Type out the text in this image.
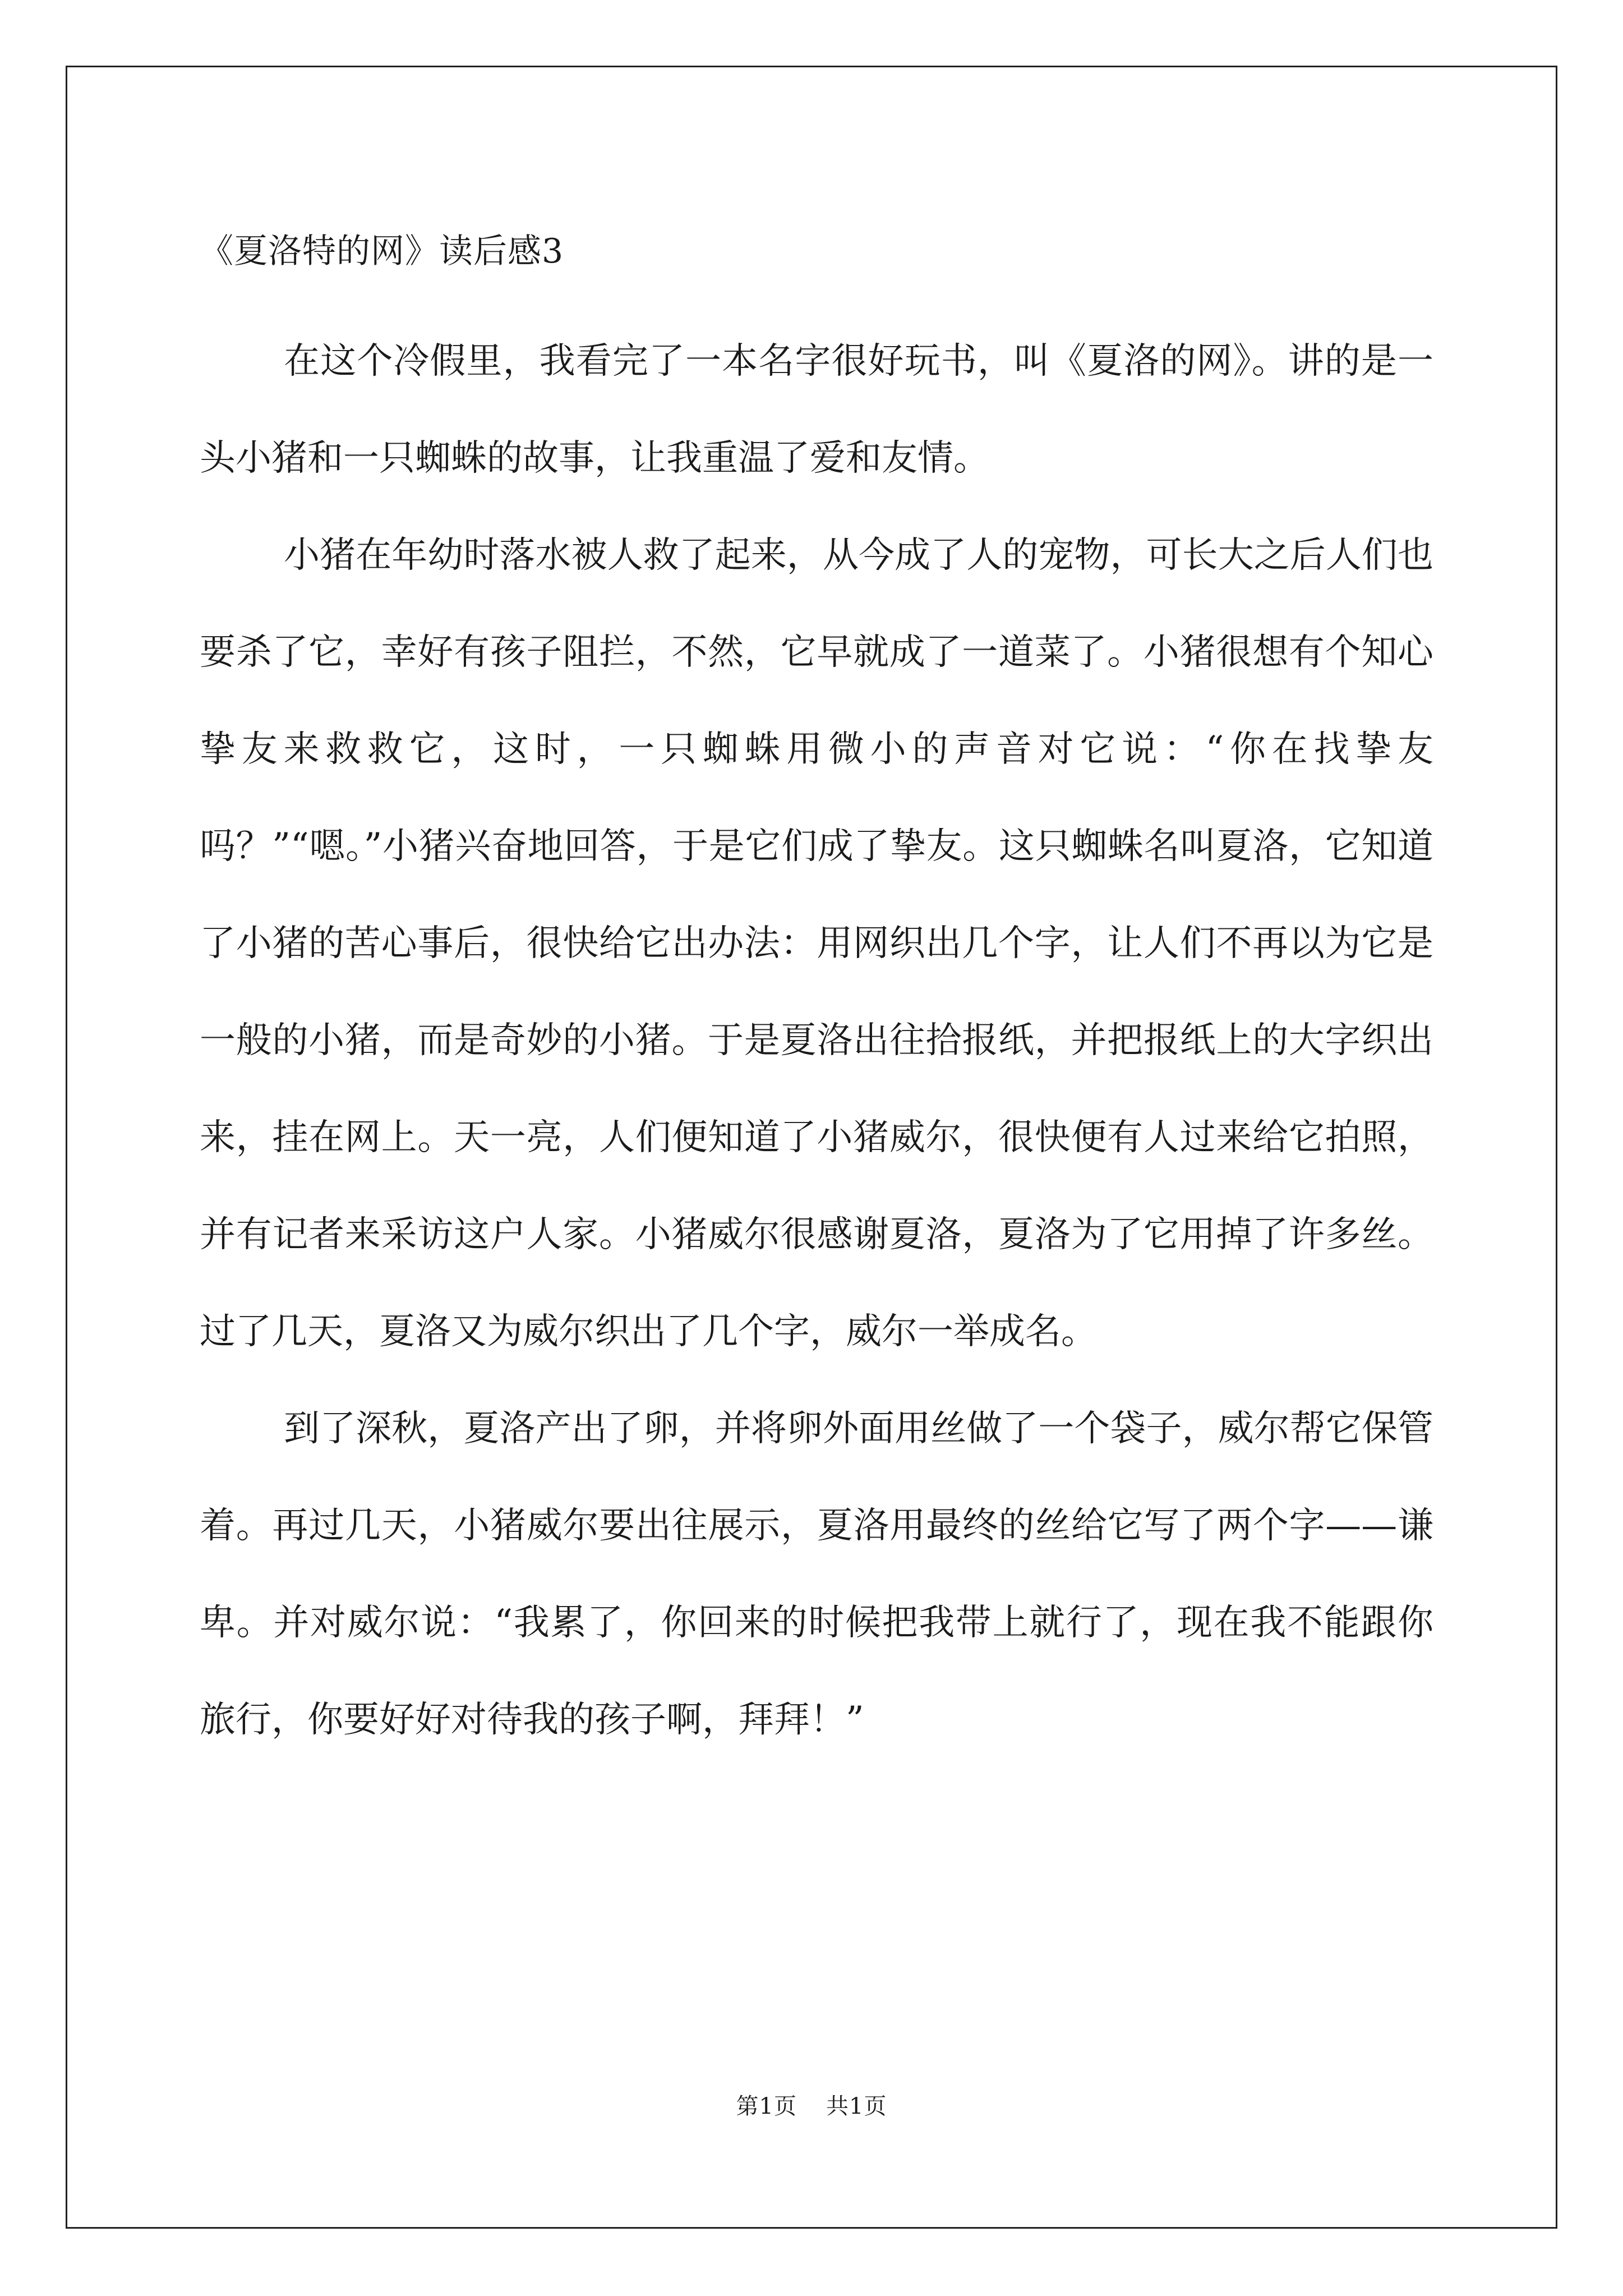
《夏洛特的网》读后感3

在这个冷假里，我看完了一本名字很好玩书，叫《夏洛的网》。讲的是一头小猪和一只蜘蛛的故事，让我重温了爱和友情。

小猪在年幼时落水被人救了起来，从今成了人的宠物，可长大之后人们也要杀了它，幸好有孩子阻拦，不然，它早就成了一道菜了。小猪很想有个知心挚友来救救它，这时，一只蜘蛛用微小的声音对它说：“你在找挚友吗？”“嗯。”小猪兴奋地回答，于是它们成了挚友。这只蜘蛛名叫夏洛，它知道了小猪的苦心事后，很快给它出办法：用网织出几个字，让人们不再以为它是一般的小猪，而是奇妙的小猪。于是夏洛出往拾报纸，并把报纸上的大字织出来，挂在网上。天一亮，人们便知道了小猪威尔，很快便有人过来给它拍照，并有记者来采访这户人家。小猪威尔很感谢夏洛，夏洛为了它用掉了许多丝。过了几天，夏洛又为威尔织出了几个字，威尔一举成名。

到了深秋，夏洛产出了卵，并将卵外面用丝做了一个袋子，威尔帮它保管着。再过几天，小猪威尔要出往展示，夏洛用最终的丝给它写了两个字——谦卑。并对威尔说：“我累了，你回来的时候把我带上就行了，现在我不能跟你旅行，你要好好对待我的孩子啊，拜拜！”

第1页 共1页
